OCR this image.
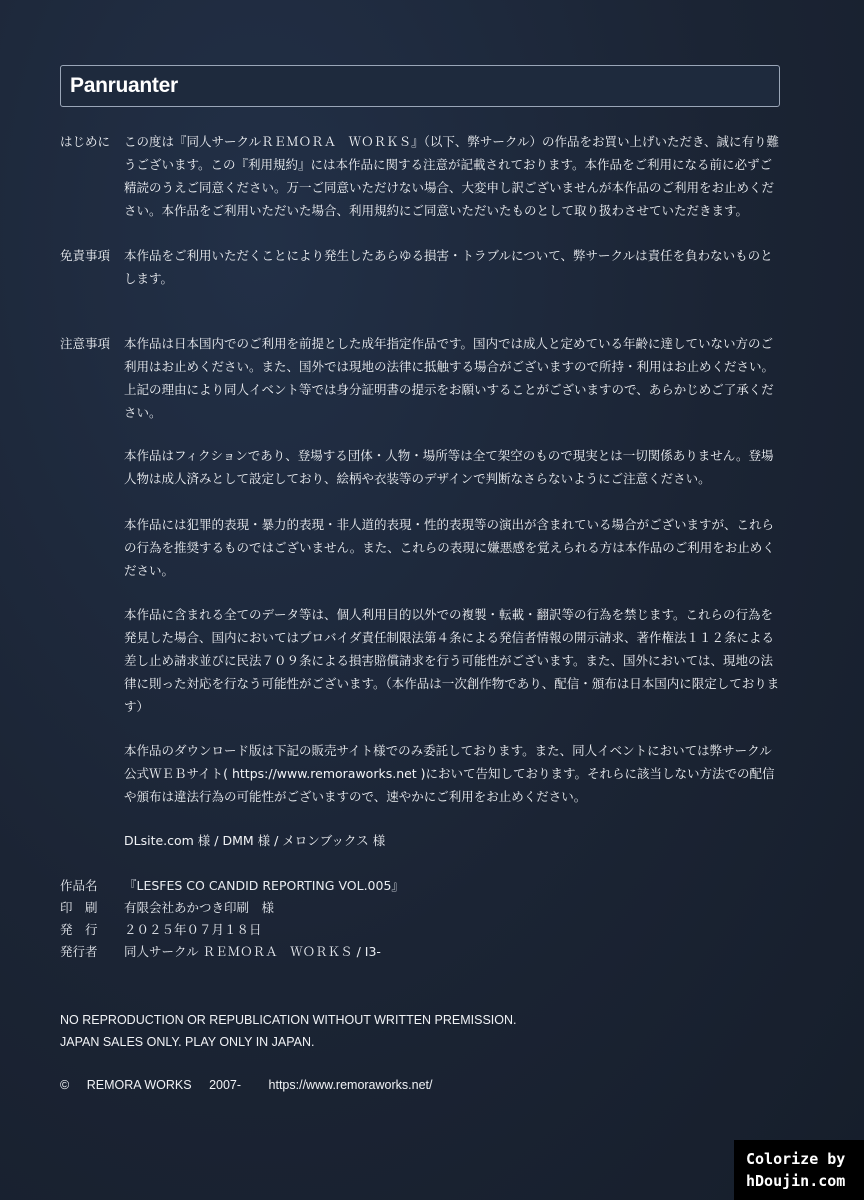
Panruanter
はじめに	この度は『同人サークルＲＥＭＯＲＡ　ＷＯＲＫＳ』（以下、弊サークル）の作品をお買い上げいただき、誠に有り難うございます。この『利用規約』には本作品に関する注意が記載されております。本作品をご利用になる前に必ずご精読のうえご同意ください。万一ご同意いただけない場合、大変申し訳ございませんが本作品のご利用をお止めください。本作品をご利用いただいた場合、利用規約にご同意いただいたものとして取り扱わさせていただきます。
免責事項	本作品をご利用いただくことにより発生したあらゆる損害・トラブルについて、弊サークルは責任を負わないものとします。
注意事項	本作品は日本国内でのご利用を前提とした成年指定作品です。国内では成人と定めている年齢に達していない方のご利用はお止めください。また、国外では現地の法律に抵触する場合がございますので所持・利用はお止めください。上記の理由により同人イベント等では身分証明書の提示をお願いすることがございますので、あらかじめご了承ください。
本作品はフィクションであり、登場する団体・人物・場所等は全て架空のもので現実とは一切関係ありません。登場人物は成人済みとして設定しており、絵柄や衣装等のデザインで判断なさらないようにご注意ください。
本作品には犯罪的表現・暴力的表現・非人道的表現・性的表現等の演出が含まれている場合がございますが、これらの行為を推奨するものではございません。また、これらの表現に嫌悪感を覚えられる方は本作品のご利用をお止めください。
本作品に含まれる全てのデータ等は、個人利用目的以外での複製・転載・翻訳等の行為を禁じます。これらの行為を発見した場合、国内においてはプロバイダ責任制限法第４条による発信者情報の開示請求、著作権法１１２条による差し止め請求並びに民法７０９条による損害賠償請求を行う可能性がございます。また、国外においては、現地の法律に則った対応を行なう可能性がございます。（本作品は一次創作物であり、配信・頒布は日本国内に限定しております）
本作品のダウンロード版は下記の販売サイト様でのみ委託しております。また、同人イベントにおいては弊サークル公式ＷＥＢサイト( https://www.remoraworks.net )において告知しております。それらに該当しない方法での配信や頒布は違法行為の可能性がございますので、速やかにご利用をお止めください。
DLsite.com 様 / DMM 様 / メロンブックス 様
作品名	『LESFES CO CANDID REPORTING VOL.005』
印　刷	有限会社あかつき印刷　様
発　行	２０２５年０７月１８日
発行者	同人サークル ＲＥＭＯＲＡ　ＷＯＲＫＳ / I3-
NO REPRODUCTION OR REPUBLICATION WITHOUT WRITTEN PREMISSION.
JAPAN SALES ONLY. PLAY ONLY IN JAPAN.
© REMORA WORKS 2007- https://www.remoraworks.net/
Colorize by
hDoujin.com
